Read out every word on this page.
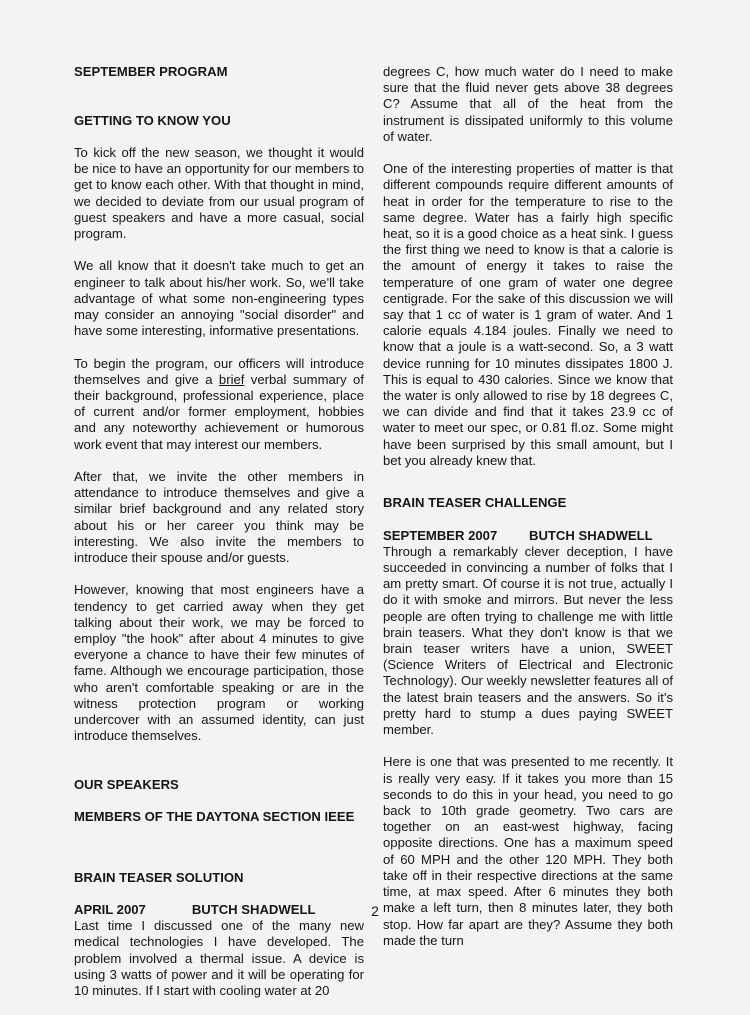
SEPTEMBER PROGRAM

GETTING TO KNOW YOU

To kick off the new season, we thought it would be nice to have an opportunity for our members to get to know each other. With that thought in mind, we decided to deviate from our usual program of guest speakers and have a more casual, social program.

We all know that it doesn't take much to get an engineer to talk about his/her work. So, we'll take advantage of what some non-engineering types may consider an annoying "social disorder" and have some interesting, informative presentations.

To begin the program, our officers will introduce themselves and give a brief verbal summary of their background, professional experience, place of current and/or former employment, hobbies and any noteworthy achievement or humorous work event that may interest our members.

After that, we invite the other members in attendance to introduce themselves and give a similar brief background and any related story about his or her career you think may be interesting. We also invite the members to introduce their spouse and/or guests.

However, knowing that most engineers have a tendency to get carried away when they get talking about their work, we may be forced to employ "the hook" after about 4 minutes to give everyone a chance to have their few minutes of fame. Although we encourage participation, those who aren't comfortable speaking or are in the witness protection program or working undercover with an assumed identity, can just introduce themselves.

OUR SPEAKERS

MEMBERS OF THE DAYTONA SECTION IEEE

BRAIN TEASER SOLUTION

APRIL 2007	BUTCH SHADWELL

Last time I discussed one of the many new medical technologies I have developed. The problem involved a thermal issue. A device is using 3 watts of power and it will be operating for 10 minutes. If I start with cooling water at 20

degrees C, how much water do I need to make sure that the fluid never gets above 38 degrees C? Assume that all of the heat from the instrument is dissipated uniformly to this volume of water.

One of the interesting properties of matter is that different compounds require different amounts of heat in order for the temperature to rise to the same degree. Water has a fairly high specific heat, so it is a good choice as a heat sink. I guess the first thing we need to know is that a calorie is the amount of energy it takes to raise the temperature of one gram of water one degree centigrade. For the sake of this discussion we will say that 1 cc of water is 1 gram of water. And 1 calorie equals 4.184 joules. Finally we need to know that a joule is a watt-second. So, a 3 watt device running for 10 minutes dissipates 1800 J. This is equal to 430 calories. Since we know that the water is only allowed to rise by 18 degrees C, we can divide and find that it takes 23.9 cc of water to meet our spec, or 0.81 fl.oz. Some might have been surprised by this small amount, but I bet you already knew that.

BRAIN TEASER CHALLENGE

SEPTEMBER 2007 BUTCH SHADWELL

Through a remarkably clever deception, I have succeeded in convincing a number of folks that I am pretty smart. Of course it is not true, actually I do it with smoke and mirrors. But never the less people are often trying to challenge me with little brain teasers. What they don't know is that we brain teaser writers have a union, SWEET (Science Writers of Electrical and Electronic Technology). Our weekly newsletter features all of the latest brain teasers and the answers. So it's pretty hard to stump a dues paying SWEET member.

Here is one that was presented to me recently. It is really very easy. If it takes you more than 15 seconds to do this in your head, you need to go back to 10th grade geometry. Two cars are together on an east-west highway, facing opposite directions. One has a maximum speed of 60 MPH and the other 120 MPH. They both take off in their respective directions at the same time, at max speed. After 6 minutes they both make a left turn, then 8 minutes later, they both stop. How far apart are they? Assume they both made the turn

2
